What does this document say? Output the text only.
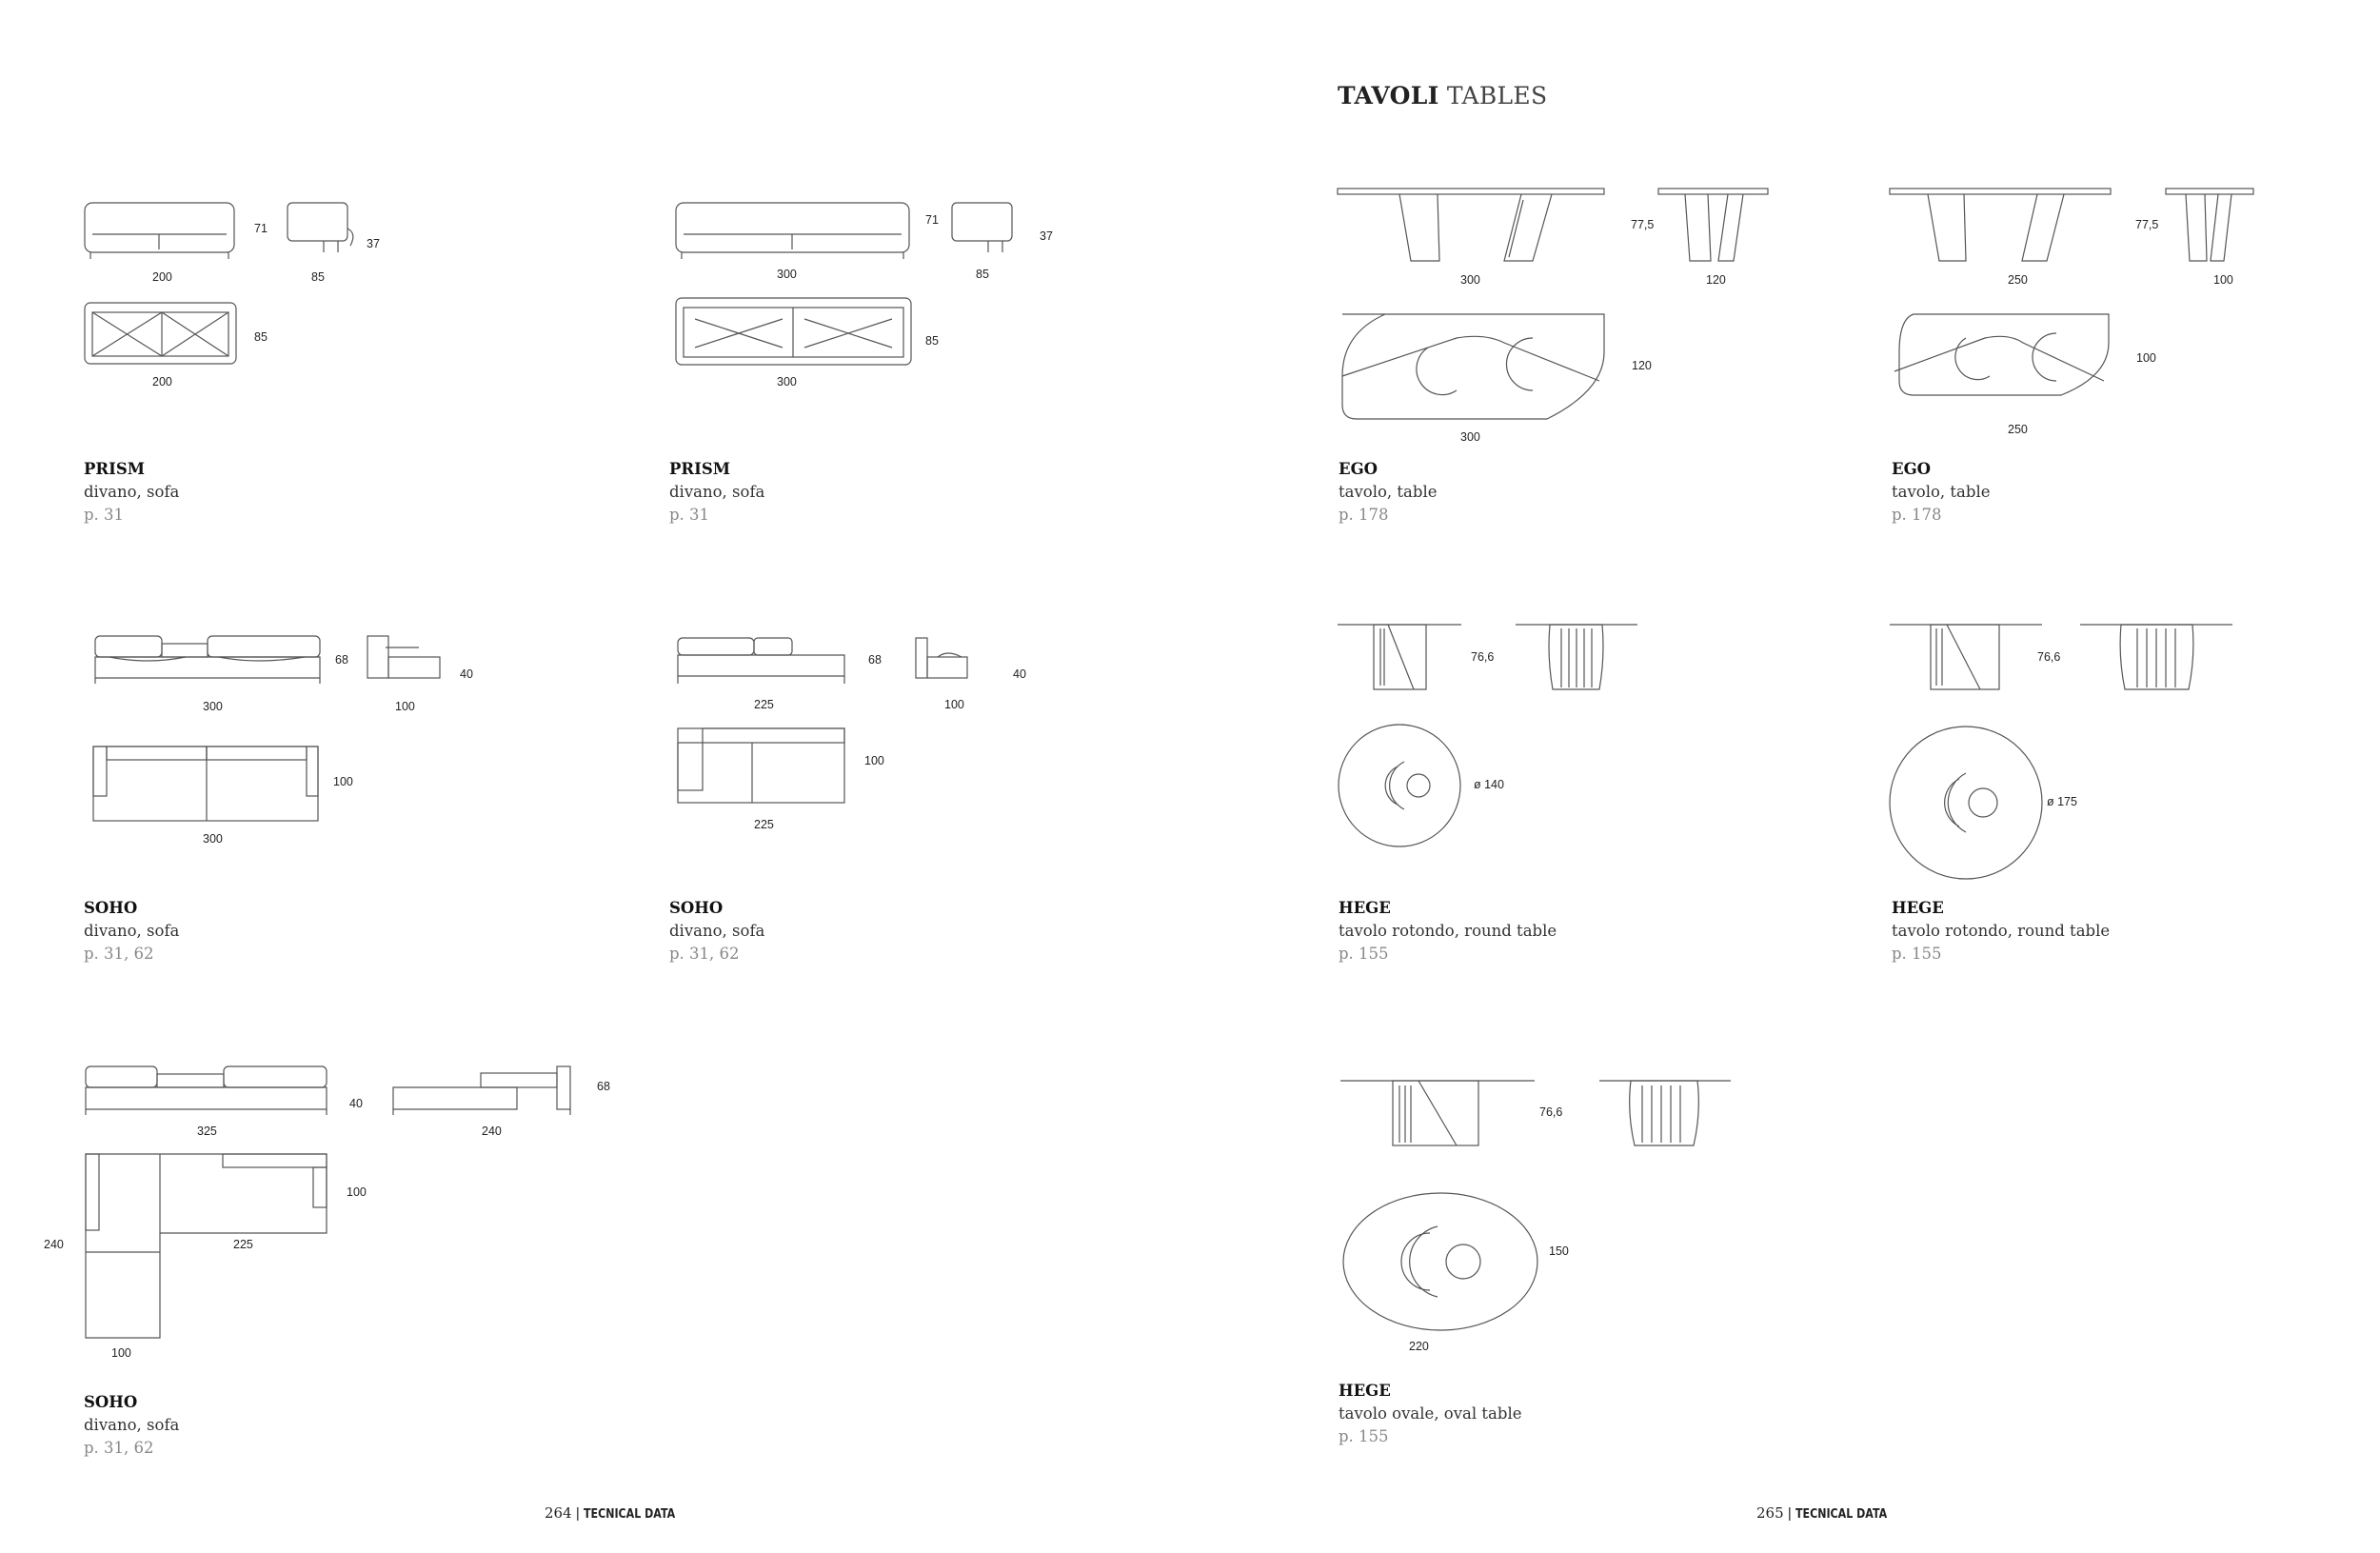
TAVOLI TABLES
71
37
200	85
85
200
71
37
300	85
85
300
68
40
300	100
100
300
68
40
225	100
100
225
40
68
325	240
100
225
240
100
77,5
300	120
120
300
77,5
250	100
100
250
76,6
ø 140
76,6
ø 175
76,6
150
220
PRISM
divano, sofa
p. 31
PRISM
divano, sofa
p. 31
SOHO
divano, sofa
p. 31, 62
SOHO
divano, sofa
p. 31, 62
SOHO
divano, sofa
p. 31, 62
EGO
tavolo, table
p. 178
EGO
tavolo, table
p. 178
HEGE
tavolo rotondo, round table
p. 155
HEGE
tavolo rotondo, round table
p. 155
HEGE
tavolo ovale, oval table
p. 155
264 | TECNICAL DATA	265 | TECNICAL DATA
